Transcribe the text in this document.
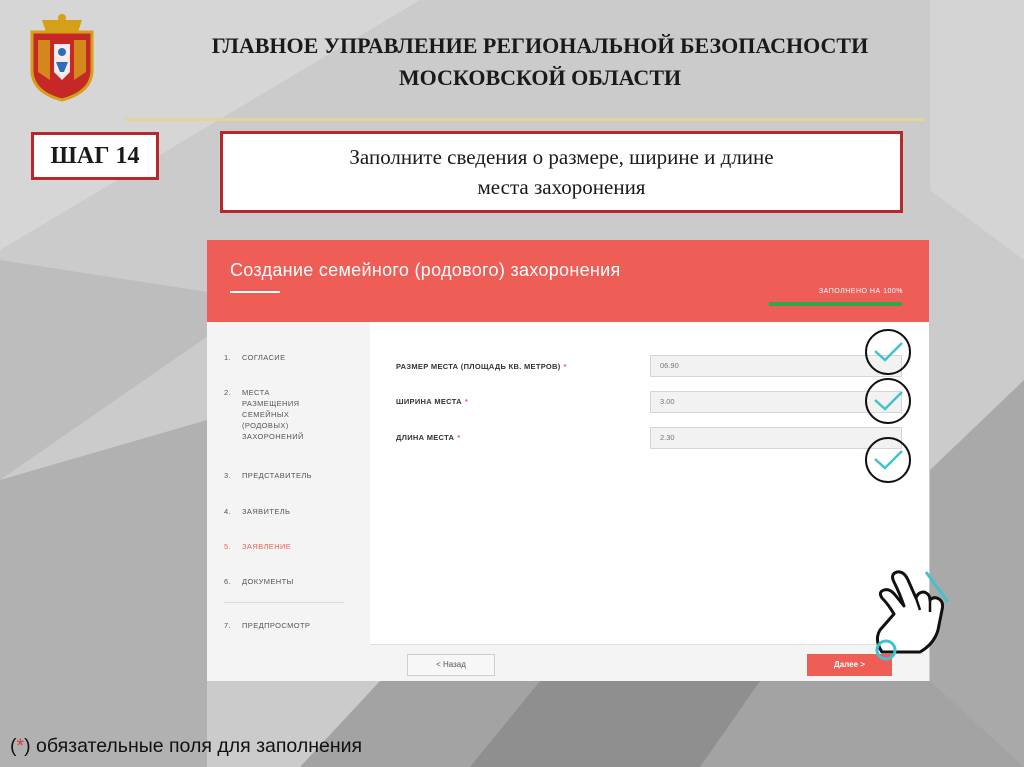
ГЛАВНОЕ УПРАВЛЕНИЕ РЕГИОНАЛЬНОЙ БЕЗОПАСНОСТИ
МОСКОВСКОЙ ОБЛАСТИ
ШАГ 14	Заполните сведения о размере, ширине и длине
места захоронения
Создание семейного (родового) захоронения
ЗАПОЛНЕНО НА 100%
1.	СОГЛАСИЕ
2.	МЕСТА РАЗМЕЩЕНИЯ СЕМЕЙНЫХ (РОДОВЫХ) ЗАХОРОНЕНИЙ
3.	ПРЕДСТАВИТЕЛЬ
4.	ЗАЯВИТЕЛЬ
5.	ЗАЯВЛЕНИЕ
6.	ДОКУМЕНТЫ
7.	ПРЕДПРОСМОТР
РАЗМЕР МЕСТА (ПЛОЩАДЬ КВ. МЕТРОВ) *	06.90
ШИРИНА МЕСТА *	3.00
ДЛИНА МЕСТА *	2.30
< Назад	Далее >
(*) обязательные поля для заполнения
